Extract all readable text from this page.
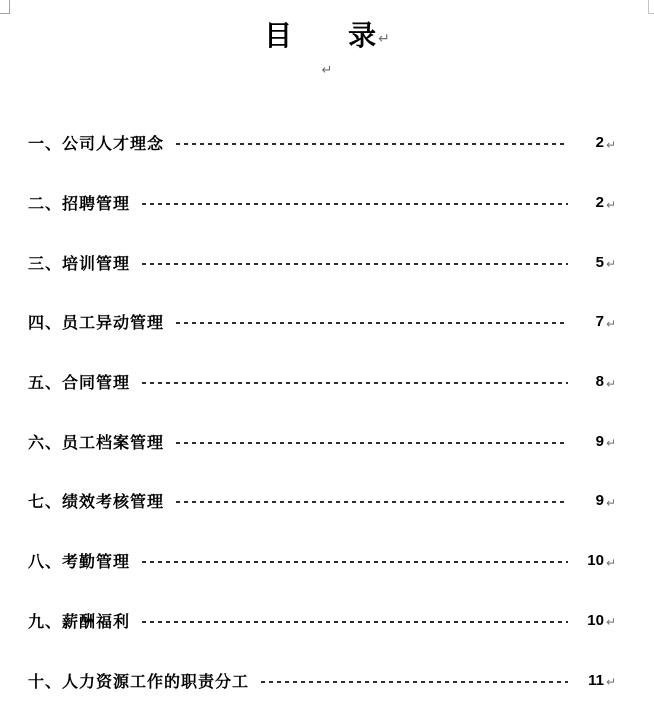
目　　录 ↵
↵
一、公司人才理念	2 ↵
二、招聘管理	2 ↵
三、培训管理	5 ↵
四、员工异动管理	7 ↵
五、合同管理	8 ↵
六、员工档案管理	9 ↵
七、绩效考核管理	9 ↵
八、考勤管理	10 ↵
九、薪酬福利	10 ↵
十、人力资源工作的职责分工	11 ↵
